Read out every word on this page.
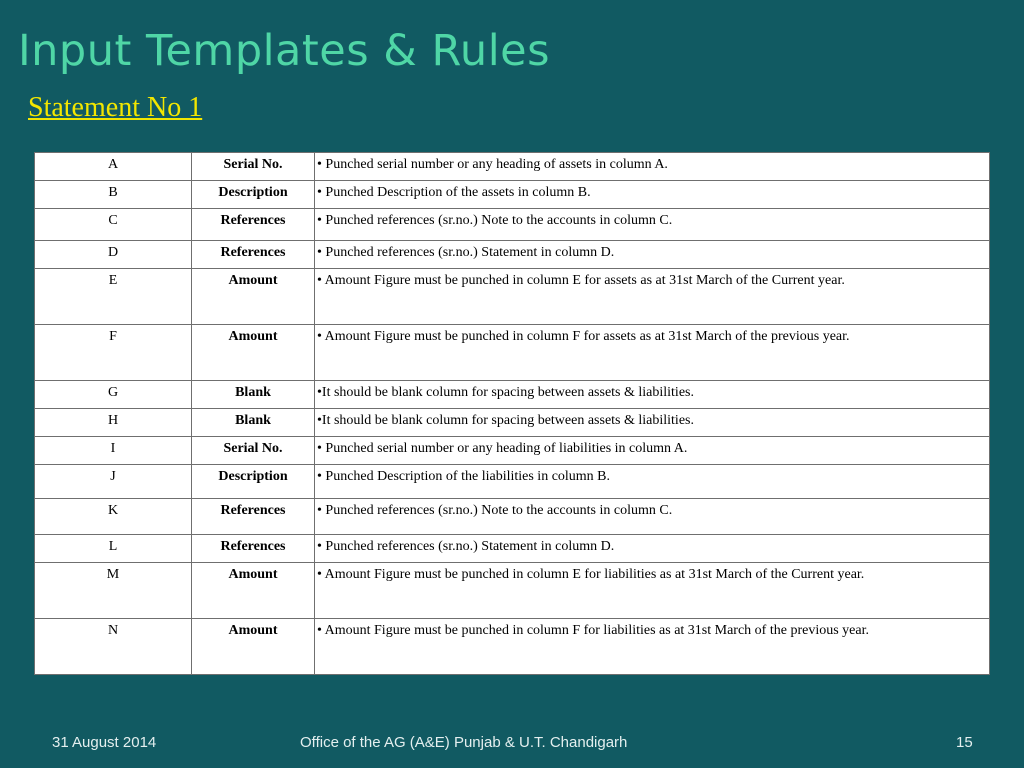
Input Templates & Rules
Statement No 1
A	Serial No.	• Punched serial number or any heading of assets in column A.
B	Description	• Punched Description of the assets in column B.
C	References	• Punched references (sr.no.) Note to the accounts in column C.
D	References	• Punched references (sr.no.) Statement in column D.
E	Amount	• Amount Figure must be punched in column E for assets as at 31st March of the Current year.
F	Amount	• Amount Figure must be punched in column F for assets as at 31st March of the previous year.
G	Blank	•It should be blank column for spacing between assets & liabilities.
H	Blank	•It should be blank column for spacing between assets & liabilities.
I	Serial No.	• Punched serial number or any heading of liabilities in column A.
J	Description	• Punched Description of the liabilities in column B.
K	References	• Punched references (sr.no.) Note to the accounts in column C.
L	References	• Punched references (sr.no.) Statement in column D.
M	Amount	• Amount Figure must be punched in column E for liabilities as at 31st March of the Current year.
N	Amount	• Amount Figure must be punched in column F for liabilities as at 31st March of the previous year.
31 August 2014	Office of the AG (A&E) Punjab & U.T. Chandigarh	15
